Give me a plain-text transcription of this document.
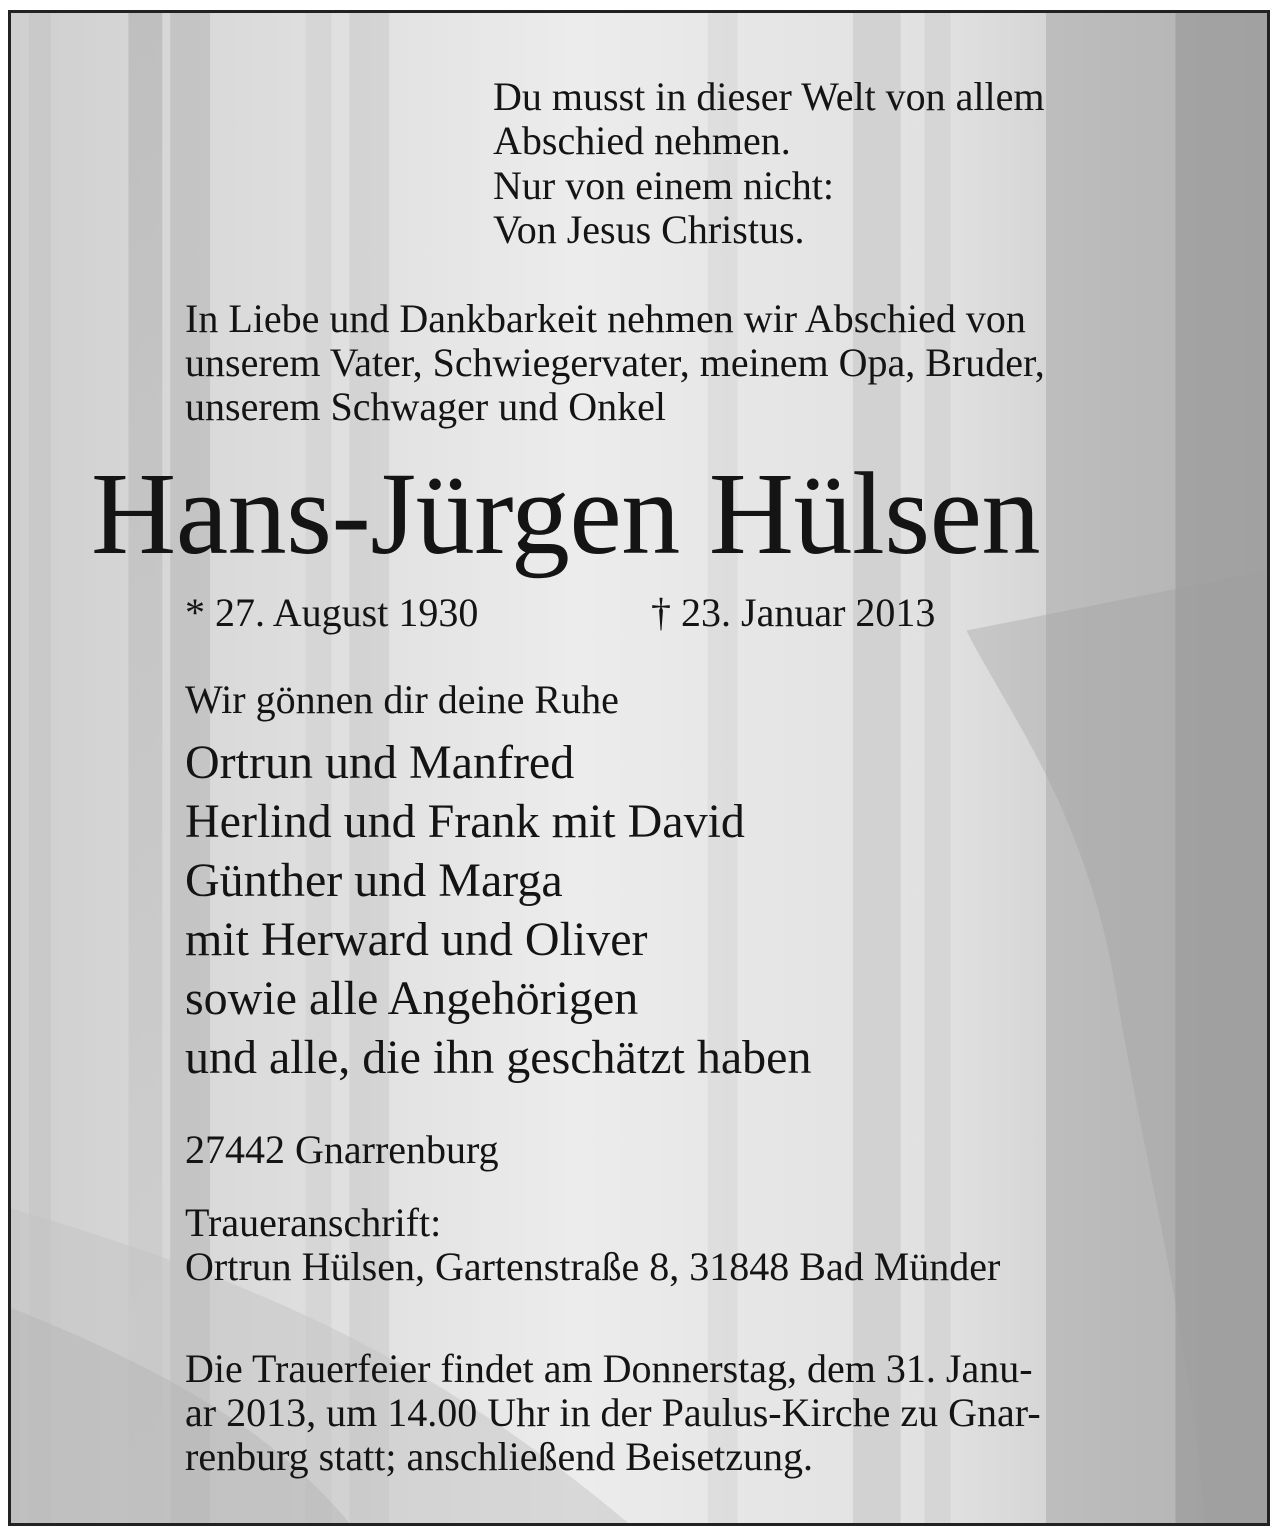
Du musst in dieser Welt von allem
Abschied nehmen.
Nur von einem nicht:
Von Jesus Christus.
In Liebe und Dankbarkeit nehmen wir Abschied von
unserem Vater, Schwiegervater, meinem Opa, Bruder,
unserem Schwager und Onkel
Hans-Jürgen Hülsen
* 27. August 1930	† 23. Januar 2013
Wir gönnen dir deine Ruhe
Ortrun und Manfred
Herlind und Frank mit David
Günther und Marga
mit Herward und Oliver
sowie alle Angehörigen
und alle, die ihn geschätzt haben
27442 Gnarrenburg
Traueranschrift:
Ortrun Hülsen, Gartenstraße 8, 31848 Bad Münder
Die Trauerfeier findet am Donnerstag, dem 31. Janu-
ar 2013, um 14.00 Uhr in der Paulus-Kirche zu Gnar-
renburg statt; anschließend Beisetzung.
